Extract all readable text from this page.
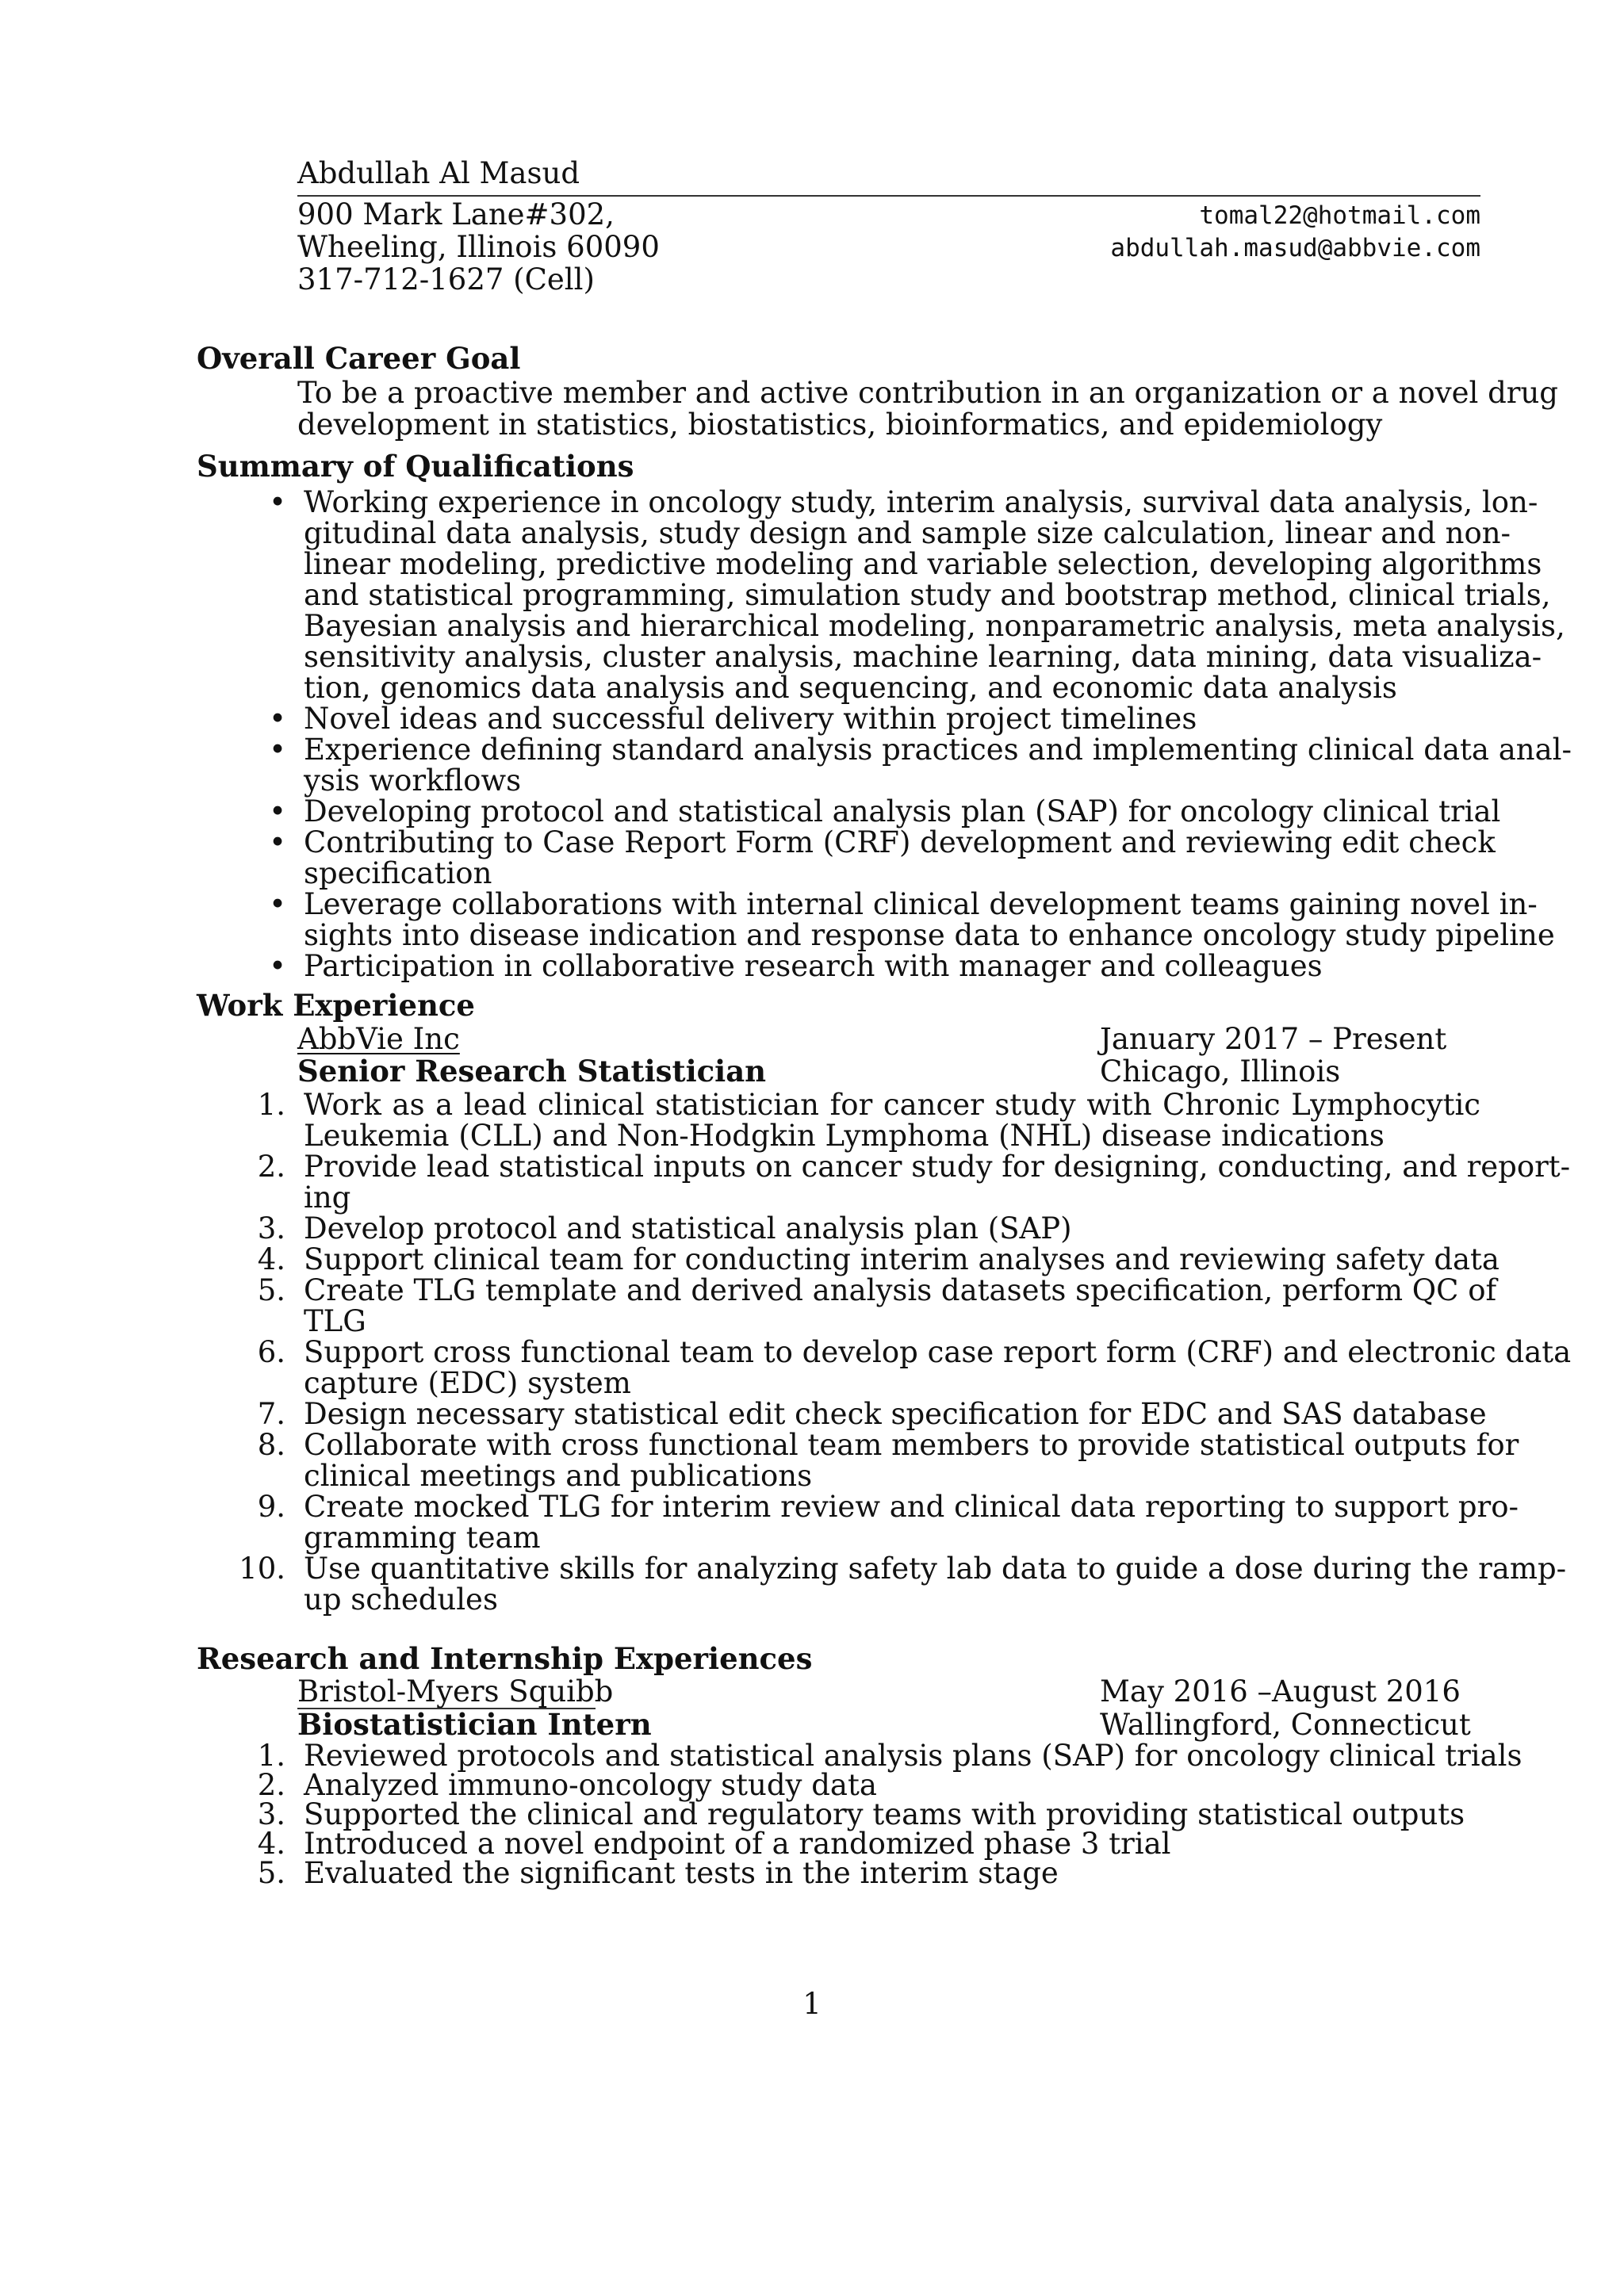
Abdullah Al Masud
900 Mark Lane#302,
Wheeling, Illinois 60090
317-712-1627 (Cell)
tomal22@hotmail.com
abdullah.masud@abbvie.com
Overall Career Goal
To be a proactive member and active contribution in an organization or a novel drug
development in statistics, biostatistics, bioinformatics, and epidemiology
Summary of Qualifications
• Working experience in oncology study, interim analysis, survival data analysis, lon-
gitudinal data analysis, study design and sample size calculation, linear and non-
linear modeling, predictive modeling and variable selection, developing algorithms
and statistical programming, simulation study and bootstrap method, clinical trials,
Bayesian analysis and hierarchical modeling, nonparametric analysis, meta analysis,
sensitivity analysis, cluster analysis, machine learning, data mining, data visualiza-
tion, genomics data analysis and sequencing, and economic data analysis
• Novel ideas and successful delivery within project timelines
• Experience defining standard analysis practices and implementing clinical data anal-
ysis workflows
• Developing protocol and statistical analysis plan (SAP) for oncology clinical trial
• Contributing to Case Report Form (CRF) development and reviewing edit check
specification
• Leverage collaborations with internal clinical development teams gaining novel in-
sights into disease indication and response data to enhance oncology study pipeline
• Participation in collaborative research with manager and colleagues
Work Experience
AbbVie Inc	January 2017 – Present
Senior Research Statistician	Chicago, Illinois
1. Work as a lead clinical statistician for cancer study with Chronic Lymphocytic
Leukemia (CLL) and Non-Hodgkin Lymphoma (NHL) disease indications
2. Provide lead statistical inputs on cancer study for designing, conducting, and report-
ing
3. Develop protocol and statistical analysis plan (SAP)
4. Support clinical team for conducting interim analyses and reviewing safety data
5. Create TLG template and derived analysis datasets specification, perform QC of
TLG
6. Support cross functional team to develop case report form (CRF) and electronic data
capture (EDC) system
7. Design necessary statistical edit check specification for EDC and SAS database
8. Collaborate with cross functional team members to provide statistical outputs for
clinical meetings and publications
9. Create mocked TLG for interim review and clinical data reporting to support pro-
gramming team
10. Use quantitative skills for analyzing safety lab data to guide a dose during the ramp-
up schedules
Research and Internship Experiences
Bristol-Myers Squibb	May 2016 –August 2016
Biostatistician Intern	Wallingford, Connecticut
1. Reviewed protocols and statistical analysis plans (SAP) for oncology clinical trials
2. Analyzed immuno-oncology study data
3. Supported the clinical and regulatory teams with providing statistical outputs
4. Introduced a novel endpoint of a randomized phase 3 trial
5. Evaluated the significant tests in the interim stage
1
